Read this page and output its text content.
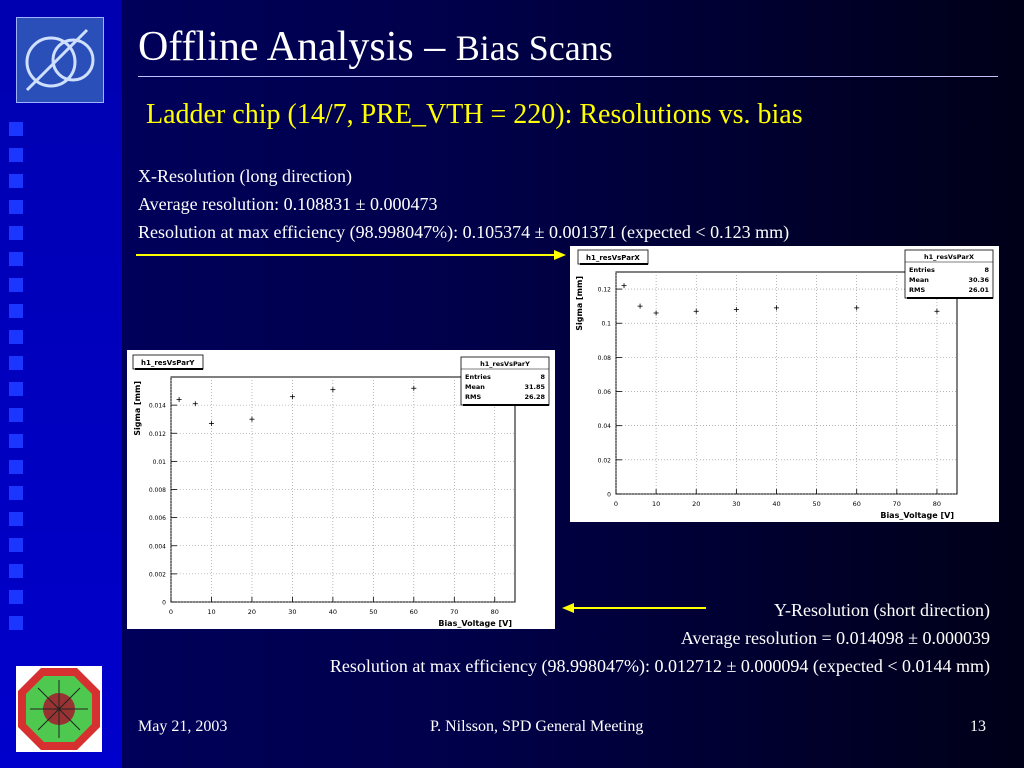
Offline Analysis – Bias Scans
Ladder chip (14/7, PRE_VTH = 220): Resolutions vs. bias
X-Resolution (long direction)
Average resolution: 0.108831 ± 0.000473
Resolution at max efficiency (98.998047%): 0.105374 ± 0.001371 (expected < 0.123 mm)
0	10	20	30	40	50	60	70	80
0
0.02
0.04
0.06
0.08
0.1
0.12
Bias_Voltage [V]
Sigma [mm]
h1_resVsParX	h1_resVsParX
Entries	8
Mean	30.36
RMS	26.01
0	10	20	30	40	50	60	70	80
0
0.002
0.004
0.006
0.008
0.01
0.012
0.014
Bias_Voltage [V]
Sigma [mm]
h1_resVsParY	h1_resVsParY
Entries	8
Mean	31.85
RMS	26.28
Y-Resolution (short direction)
Average resolution = 0.014098 ± 0.000039
Resolution at max efficiency (98.998047%): 0.012712 ± 0.000094 (expected < 0.0144 mm)
May 21, 2003	P. Nilsson, SPD General Meeting	13
